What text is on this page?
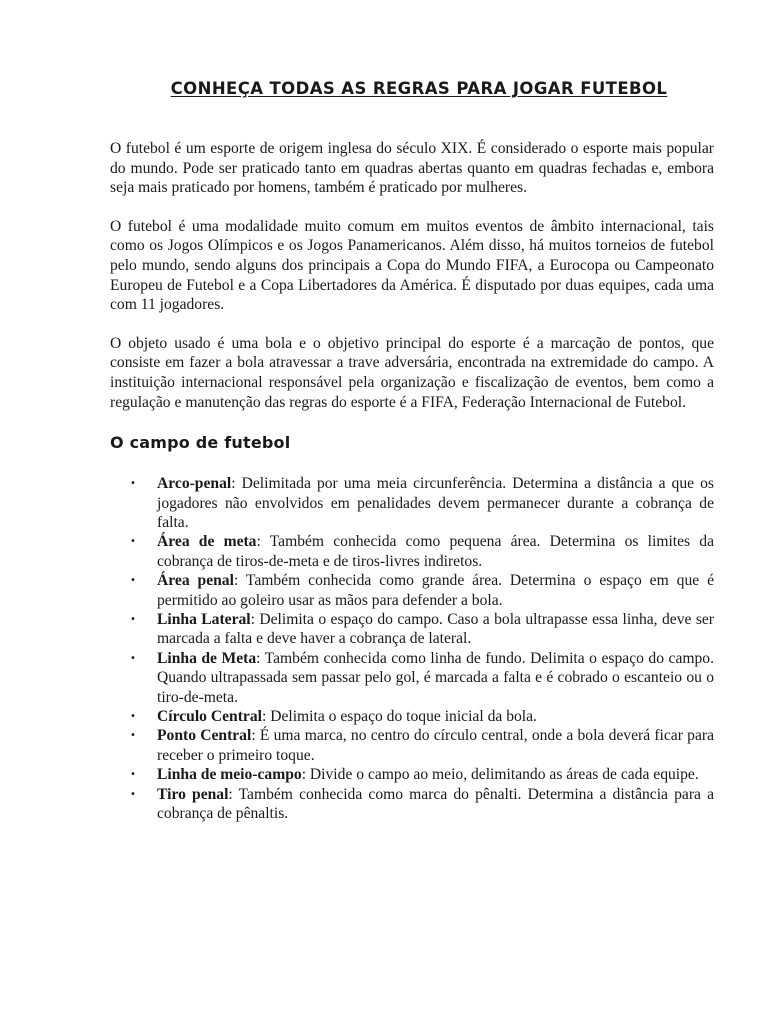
CONHEÇA TODAS AS REGRAS PARA JOGAR FUTEBOL

O futebol é um esporte de origem inglesa do século XIX. É considerado o esporte mais popular do mundo. Pode ser praticado tanto em quadras abertas quanto em quadras fechadas e, embora seja mais praticado por homens, também é praticado por mulheres.

O futebol é uma modalidade muito comum em muitos eventos de âmbito internacional, tais como os Jogos Olímpicos e os Jogos Panamericanos. Além disso, há muitos torneios de futebol pelo mundo, sendo alguns dos principais a Copa do Mundo FIFA, a Eurocopa ou Campeonato Europeu de Futebol e a Copa Libertadores da América. É disputado por duas equipes, cada uma com 11 jogadores.

O objeto usado é uma bola e o objetivo principal do esporte é a marcação de pontos, que consiste em fazer a bola atravessar a trave adversária, encontrada na extremidade do campo. A instituição internacional responsável pela organização e fiscalização de eventos, bem como a regulação e manutenção das regras do esporte é a FIFA, Federação Internacional de Futebol.

O campo de futebol
• Arco-penal: Delimitada por uma meia circunferência. Determina a distância a que os jogadores não envolvidos em penalidades devem permanecer durante a cobrança de falta.
• Área de meta: Também conhecida como pequena área. Determina os limites da cobrança de tiros-de-meta e de tiros-livres indiretos.
• Área penal: Também conhecida como grande área. Determina o espaço em que é permitido ao goleiro usar as mãos para defender a bola.
• Linha Lateral: Delimita o espaço do campo. Caso a bola ultrapasse essa linha, deve ser marcada a falta e deve haver a cobrança de lateral.
• Linha de Meta: Também conhecida como linha de fundo. Delimita o espaço do campo. Quando ultrapassada sem passar pelo gol, é marcada a falta e é cobrado o escanteio ou o tiro-de-meta.
• Círculo Central: Delimita o espaço do toque inicial da bola.
• Ponto Central: É uma marca, no centro do círculo central, onde a bola deverá ficar para receber o primeiro toque.
• Linha de meio-campo: Divide o campo ao meio, delimitando as áreas de cada equipe.
• Tiro penal: Também conhecida como marca do pênalti. Determina a distância para a cobrança de pênaltis.
